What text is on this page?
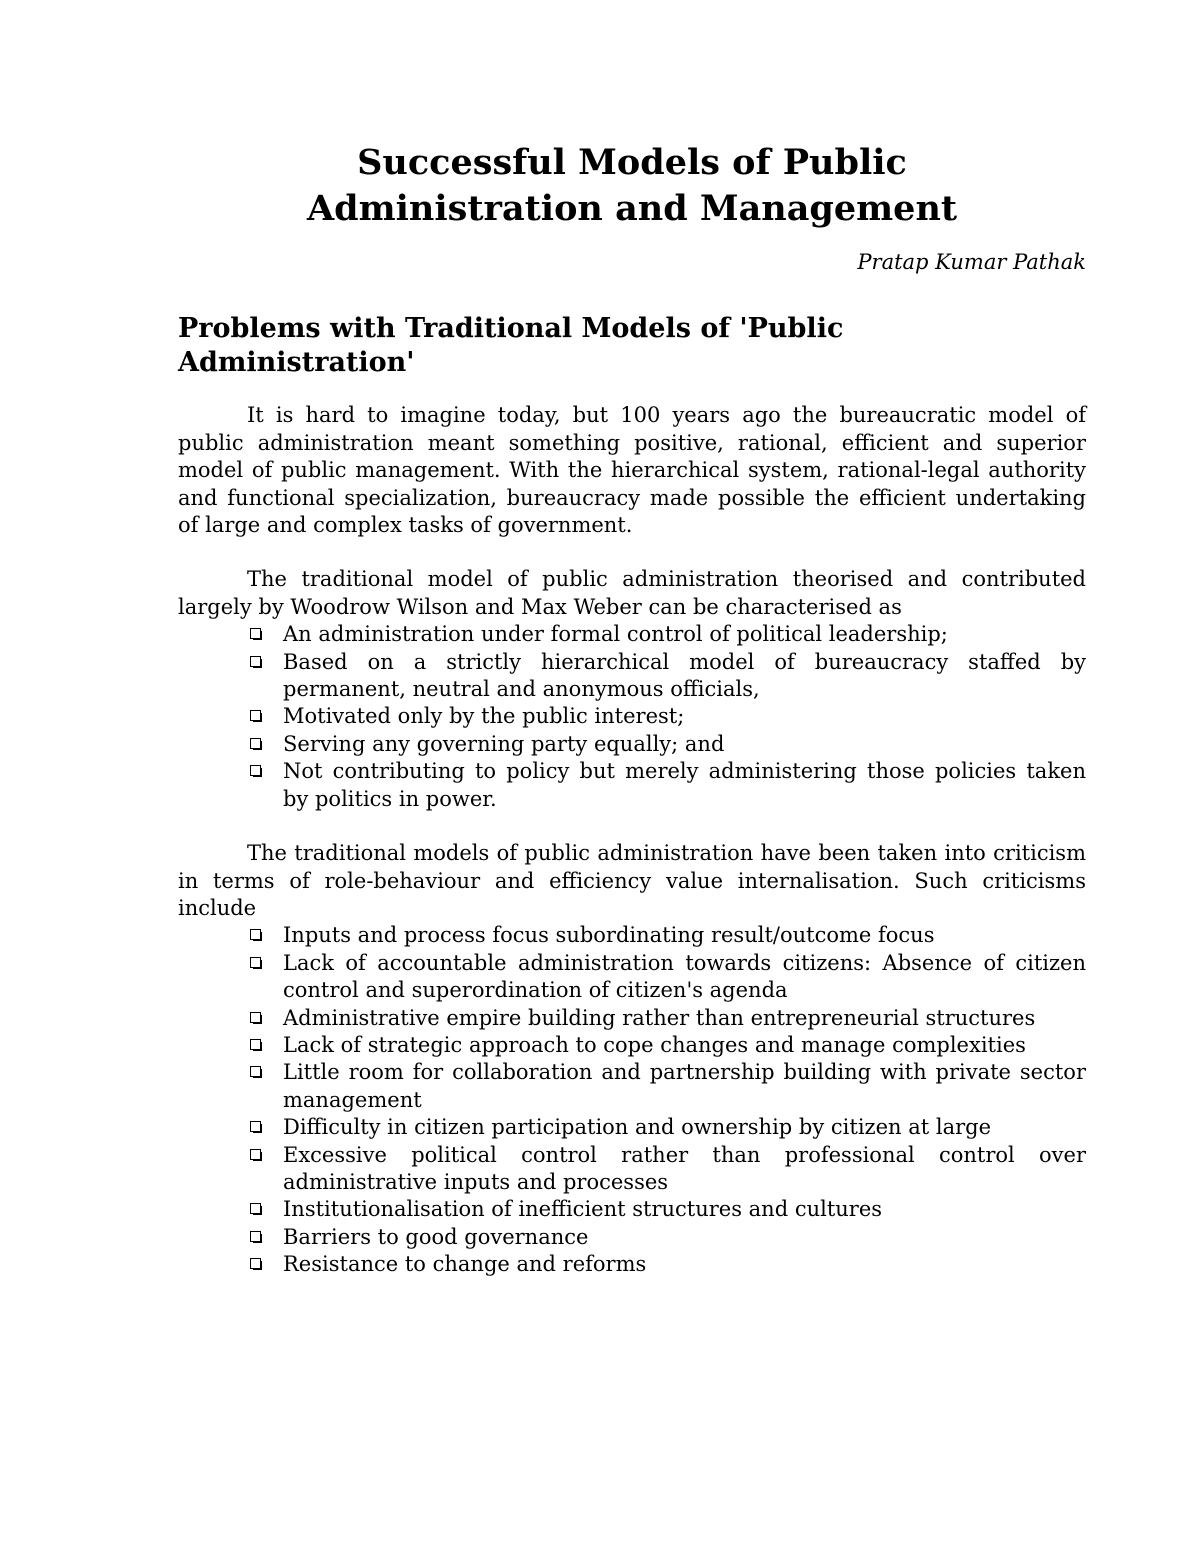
Successful Models of Public
Administration and Management
Pratap Kumar Pathak
Problems with Traditional Models of 'Public
Administration'

It is hard to imagine today, but 100 years ago the bureaucratic model of public administration meant something positive, rational, efficient and superior model of public management. With the hierarchical system, rational-legal authority and functional specialization, bureaucracy made possible the efficient undertaking of large and complex tasks of government.

The traditional model of public administration theorised and contributed largely by Woodrow Wilson and Max Weber can be characterised as

An administration under formal control of political leadership;
Based on a strictly hierarchical model of bureaucracy staffed by permanent, neutral and anonymous officials,
Motivated only by the public interest;
Serving any governing party equally; and
Not contributing to policy but merely administering those policies taken by politics in power.

The traditional models of public administration have been taken into criticism in terms of role-behaviour and efficiency value internalisation. Such criticisms include

Inputs and process focus subordinating result/outcome focus
Lack of accountable administration towards citizens: Absence of citizen control and superordination of citizen's agenda
Administrative empire building rather than entrepreneurial structures
Lack of strategic approach to cope changes and manage complexities
Little room for collaboration and partnership building with private sector management
Difficulty in citizen participation and ownership by citizen at large
Excessive political control rather than professional control over administrative inputs and processes
Institutionalisation of inefficient structures and cultures
Barriers to good governance
Resistance to change and reforms
